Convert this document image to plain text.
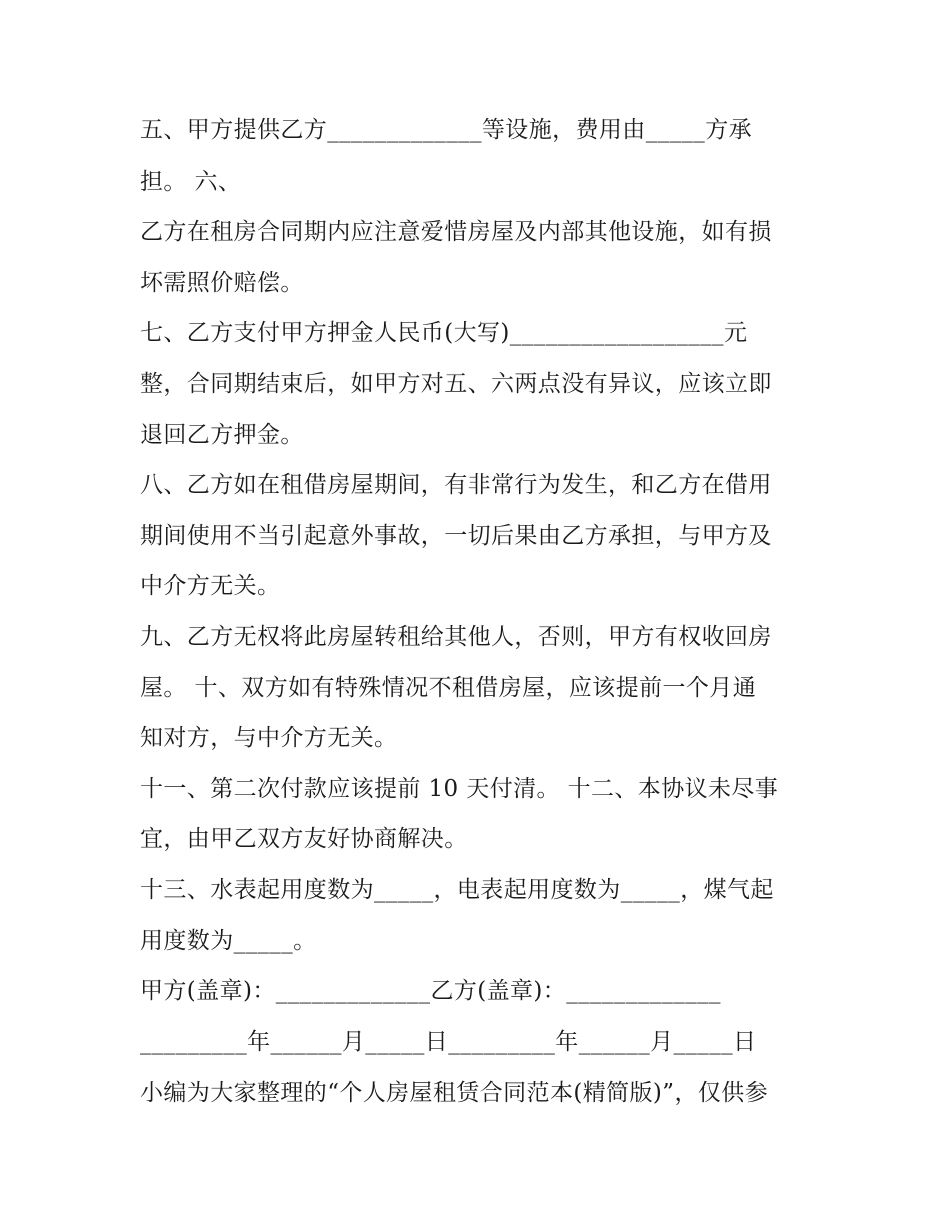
五、甲方提供乙方_____________等设施，费用由_____方承
担。 六、
乙方在租房合同期内应注意爱惜房屋及内部其他设施，如有损
坏需照价赔偿。
七、乙方支付甲方押金人民币(大写)__________________元
整，合同期结束后，如甲方对五、六两点没有异议，应该立即
退回乙方押金。
八、乙方如在租借房屋期间，有非常行为发生，和乙方在借用
期间使用不当引起意外事故，一切后果由乙方承担，与甲方及
中介方无关。
九、乙方无权将此房屋转租给其他人，否则，甲方有权收回房
屋。 十、双方如有特殊情况不租借房屋，应该提前一个月通
知对方，与中介方无关。
十一、第二次付款应该提前 10 天付清。 十二、本协议未尽事
宜，由甲乙双方友好协商解决。
十三、水表起用度数为_____，电表起用度数为_____，煤气起
用度数为_____。
甲方(盖章)：_____________乙方(盖章)：_____________
_________年______月_____日_________年______月_____日
小编为大家整理的“个人房屋租赁合同范本(精简版)”，仅供参
